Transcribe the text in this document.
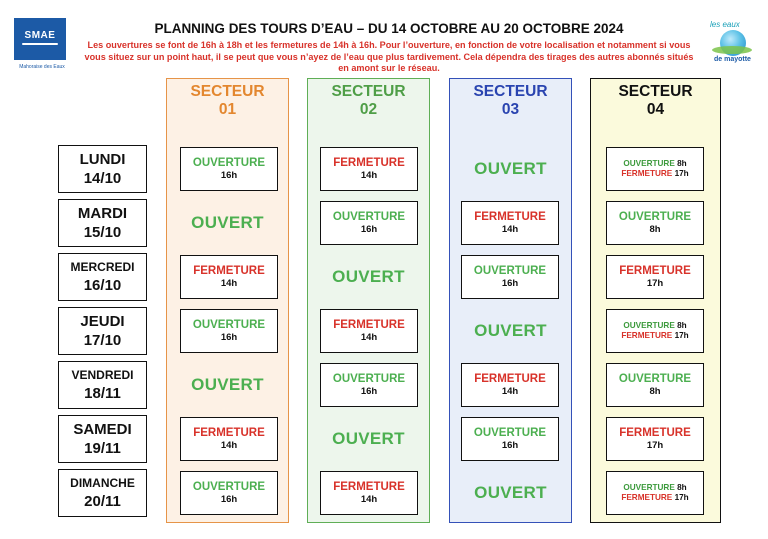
SMAE
Mahoraise des Eaux
les eaux
de mayotte
PLANNING DES TOURS D’EAU – DU 14 OCTOBRE AU 20 OCTOBRE 2024
Les ouvertures se font de 16h à 18h et les fermetures de 14h à 16h. Pour l’ouverture, en fonction de votre localisation et notamment si vous vous situez sur un point haut, il se peut que vous n’ayez de l’eau que plus tardivement. Cela dépendra des tirages des autres abonnés situés en amont sur le réseau.
LUNDI
14/10
MARDI
15/10
MERCREDI
16/10
JEUDI
17/10
VENDREDI
18/11
SAMEDI
19/11
DIMANCHE
20/11
SECTEUR
01
SECTEUR
02
SECTEUR
03
SECTEUR
04
OUVERTURE
16h
OUVERT
FERMETURE
14h
OUVERTURE
16h
OUVERT
FERMETURE
14h
OUVERTURE
16h
FERMETURE
14h
OUVERTURE
16h
OUVERT
FERMETURE
14h
OUVERTURE
16h
OUVERT
FERMETURE
14h
OUVERT
FERMETURE
14h
OUVERTURE
16h
OUVERT
FERMETURE
14h
OUVERTURE
16h
OUVERT
OUVERTURE 8h
FERMETURE 17h
OUVERTURE
8h
FERMETURE
17h
OUVERTURE 8h
FERMETURE 17h
OUVERTURE
8h
FERMETURE
17h
OUVERTURE 8h
FERMETURE 17h
